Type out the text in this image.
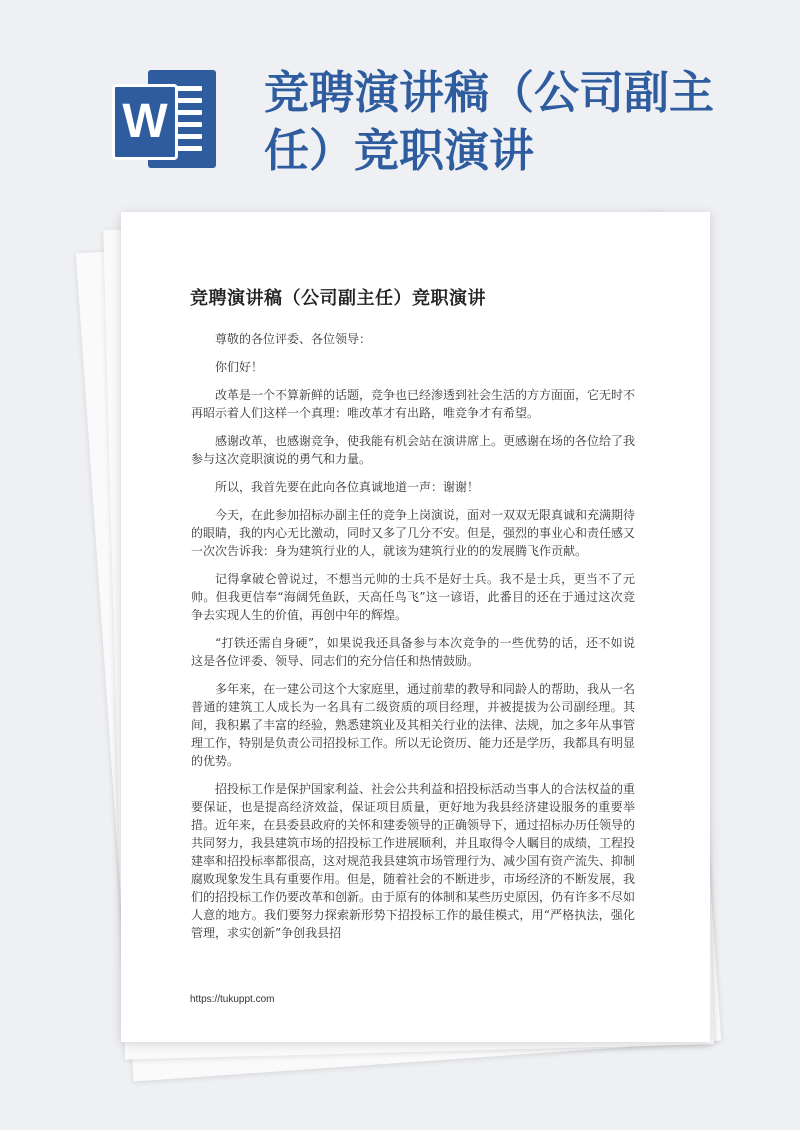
W
竞聘演讲稿（公司副主任）竞职演讲
竞聘演讲稿（公司副主任）竞职演讲

尊敬的各位评委、各位领导：

你们好！

改革是一个不算新鲜的话题，竞争也已经渗透到社会生活的方方面面，它无时不再昭示着人们这样一个真理：唯改革才有出路，唯竞争才有希望。

感谢改革，也感谢竞争，使我能有机会站在演讲席上。更感谢在场的各位给了我参与这次竞职演说的勇气和力量。

所以，我首先要在此向各位真诚地道一声：谢谢！

今天，在此参加招标办副主任的竞争上岗演说，面对一双双无限真诚和充满期待的眼睛，我的内心无比激动，同时又多了几分不安。但是，强烈的事业心和责任感又一次次告诉我：身为建筑行业的人，就该为建筑行业的的发展腾飞作贡献。

记得拿破仑曾说过，不想当元帅的士兵不是好士兵。我不是士兵，更当不了元帅。但我更信奉“海阔凭鱼跃，天高任鸟飞”这一谚语，此番目的还在于通过这次竞争去实现人生的价值，再创中年的辉煌。

“打铁还需自身硬”，如果说我还具备参与本次竞争的一些优势的话，还不如说这是各位评委、领导、同志们的充分信任和热情鼓励。

多年来，在一建公司这个大家庭里，通过前辈的教导和同龄人的帮助，我从一名普通的建筑工人成长为一名具有二级资质的项目经理，并被提拔为公司副经理。其间，我积累了丰富的经验，熟悉建筑业及其相关行业的法律、法规，加之多年从事管理工作，特别是负责公司招投标工作。所以无论资历、能力还是学历，我都具有明显的优势。

招投标工作是保护国家利益、社会公共利益和招投标活动当事人的合法权益的重要保证，也是提高经济效益，保证项目质量，更好地为我县经济建设服务的重要举措。近年来，在县委县政府的关怀和建委领导的正确领导下，通过招标办历任领导的共同努力，我县建筑市场的招投标工作进展顺利，并且取得令人瞩目的成绩，工程投建率和招投标率都很高，这对规范我县建筑市场管理行为、减少国有资产流失、抑制腐败现象发生具有重要作用。但是，随着社会的不断进步，市场经济的不断发展，我们的招投标工作仍要改革和创新。由于原有的体制和某些历史原因，仍有许多不尽如人意的地方。我们要努力探索新形势下招投标工作的最佳模式，用“严格执法，强化管理，求实创新”争创我县招

https://tukuppt.com
